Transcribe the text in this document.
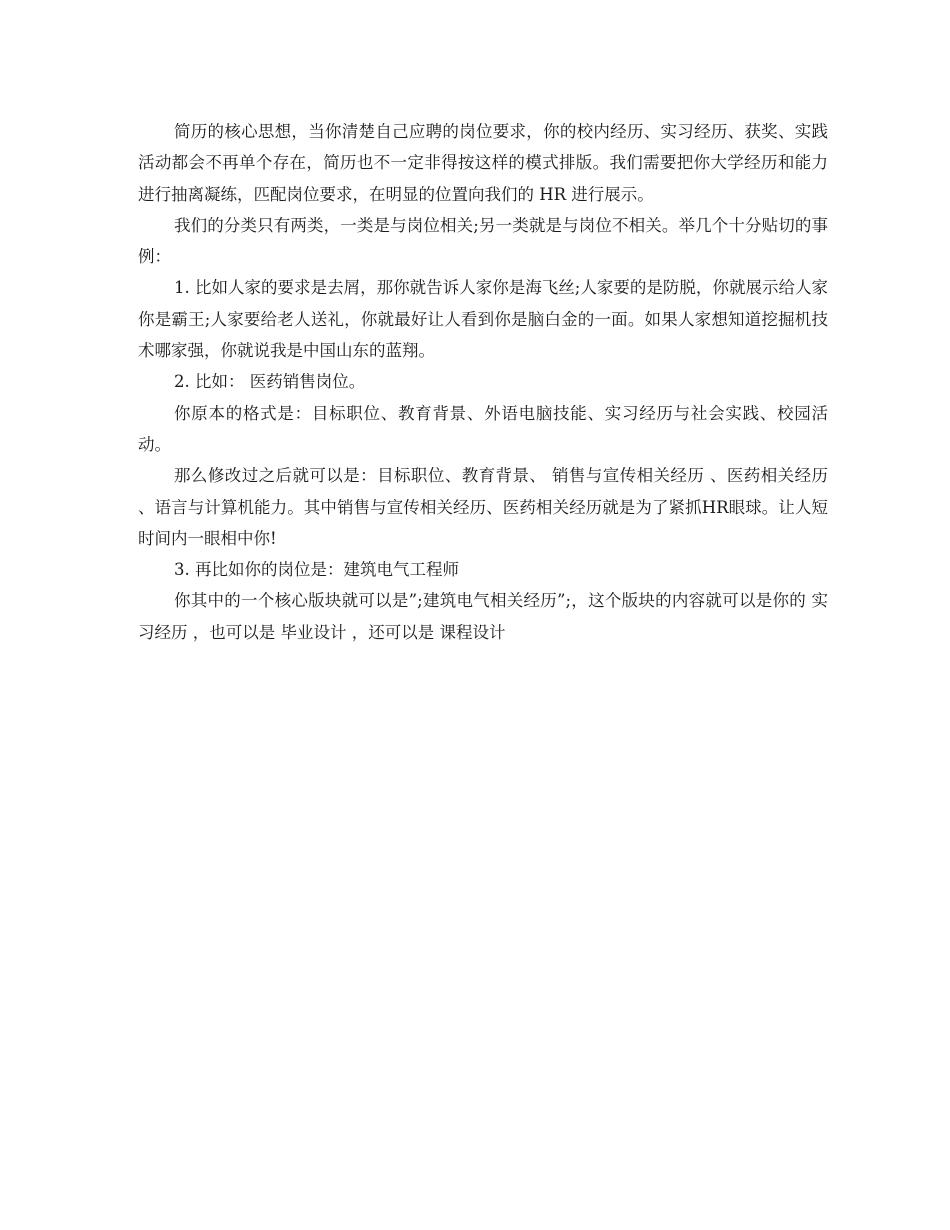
简历的核心思想，当你清楚自己应聘的岗位要求，你的校内经历、实习经历、获奖、实践活动都会不再单个存在，简历也不一定非得按这样的模式排版。我们需要把你大学经历和能力进行抽离凝练，匹配岗位要求，在明显的位置向我们的 HR 进行展示。

我们的分类只有两类，一类是与岗位相关;另一类就是与岗位不相关。举几个十分贴切的事例：

1. 比如人家的要求是去屑，那你就告诉人家你是海飞丝;人家要的是防脱，你就展示给人家你是霸王;人家要给老人送礼，你就最好让人看到你是脑白金的一面。如果人家想知道挖掘机技术哪家强，你就说我是中国山东的蓝翔。

2. 比如： 医药销售岗位。

你原本的格式是：目标职位、教育背景、外语电脑技能、实习经历与社会实践、校园活动。

那么修改过之后就可以是：目标职位、教育背景、 销售与宣传相关经历 、医药相关经历 、语言与计算机能力。其中销售与宣传相关经历、医药相关经历就是为了紧抓HR眼球。让人短时间内一眼相中你!

3. 再比如你的岗位是：建筑电气工程师

你其中的一个核心版块就可以是”;建筑电气相关经历”;，这个版块的内容就可以是你的 实习经历 ，也可以是 毕业设计 ，还可以是 课程设计
